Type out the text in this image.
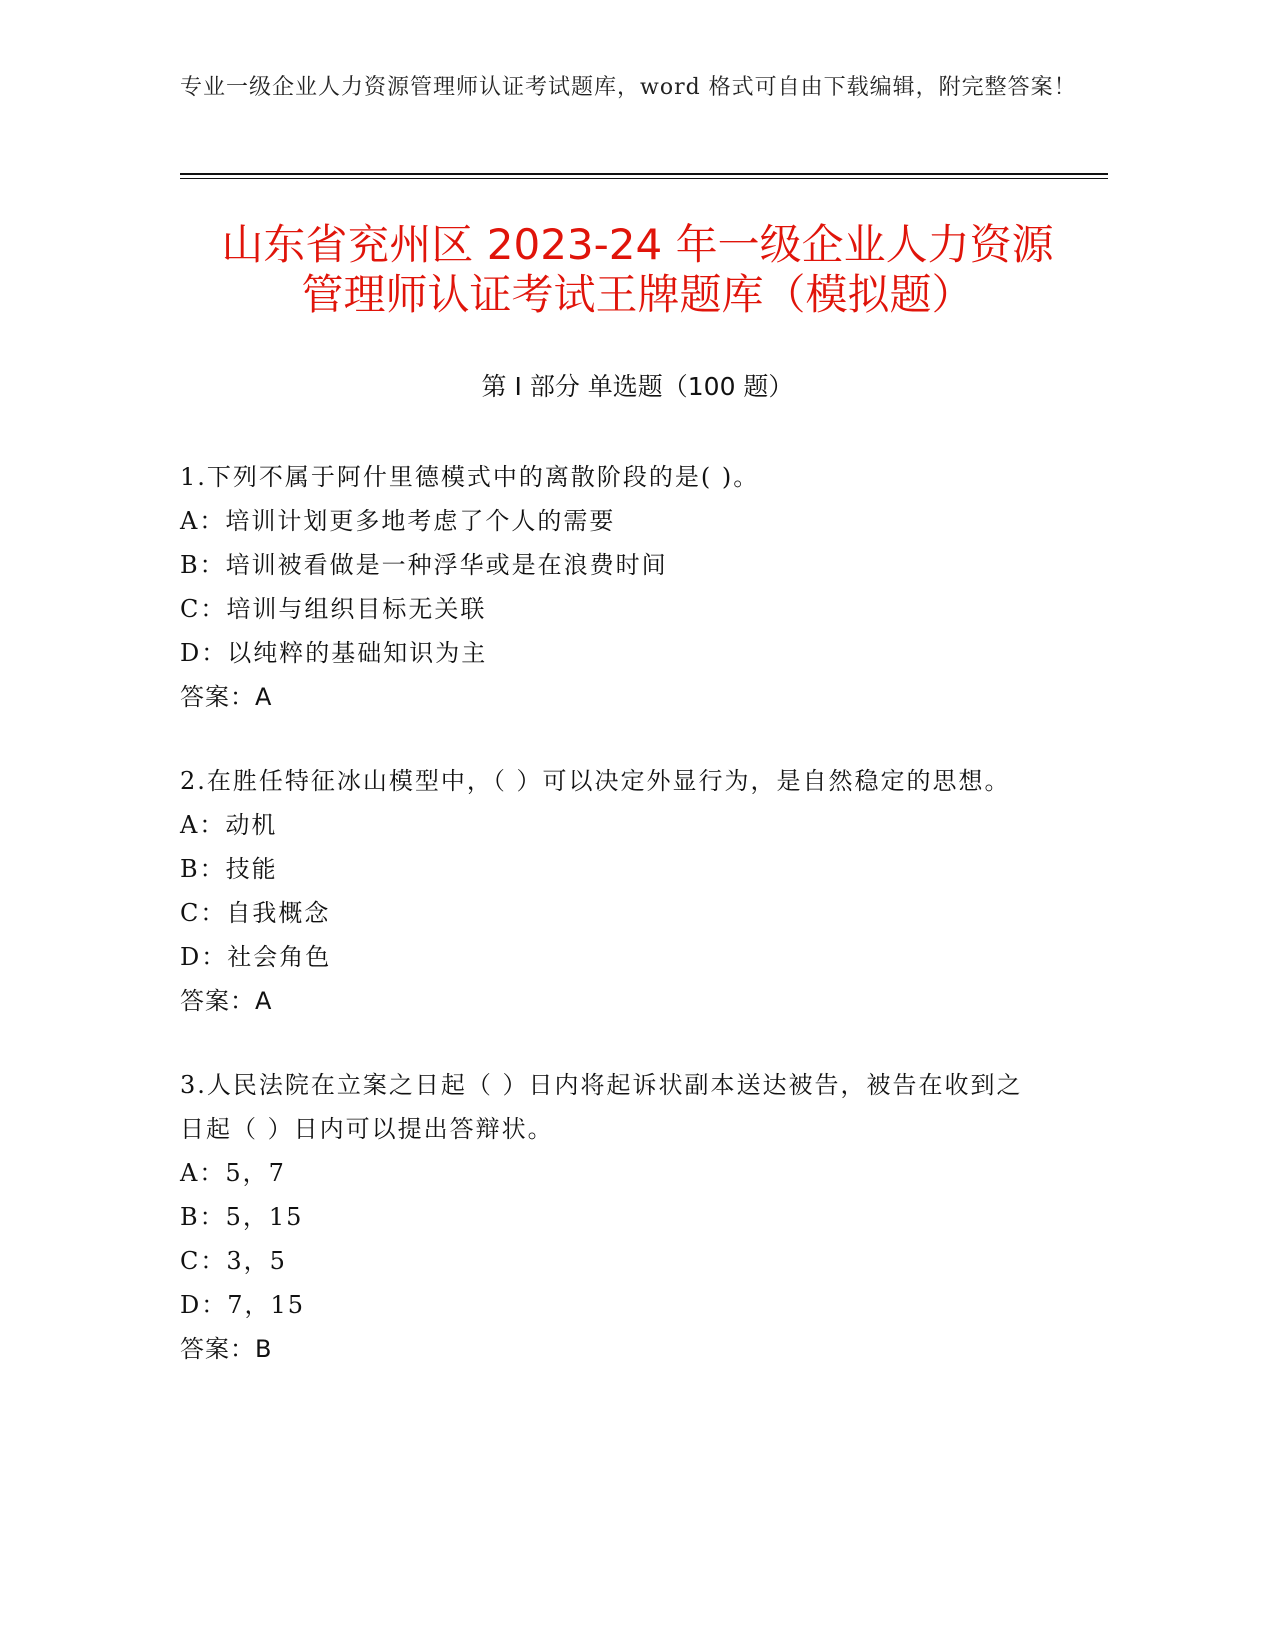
专业一级企业人力资源管理师认证考试题库，word 格式可自由下载编辑，附完整答案！
山东省兖州区 2023-24 年一级企业人力资源
管理师认证考试王牌题库（模拟题）
第 I 部分 单选题（100 题）
1.下列不属于阿什里德模式中的离散阶段的是( )。
A：培训计划更多地考虑了个人的需要
B：培训被看做是一种浮华或是在浪费时间
C：培训与组织目标无关联
D：以纯粹的基础知识为主
答案：A
2.在胜任特征冰山模型中，（ ）可以决定外显行为，是自然稳定的思想。
A：动机
B：技能
C：自我概念
D：社会角色
答案：A
3.人民法院在立案之日起（ ）日内将起诉状副本送达被告，被告在收到之日起（ ）日内可以提出答辩状。
A：5，7
B：5，15
C：3，5
D：7，15
答案：B
